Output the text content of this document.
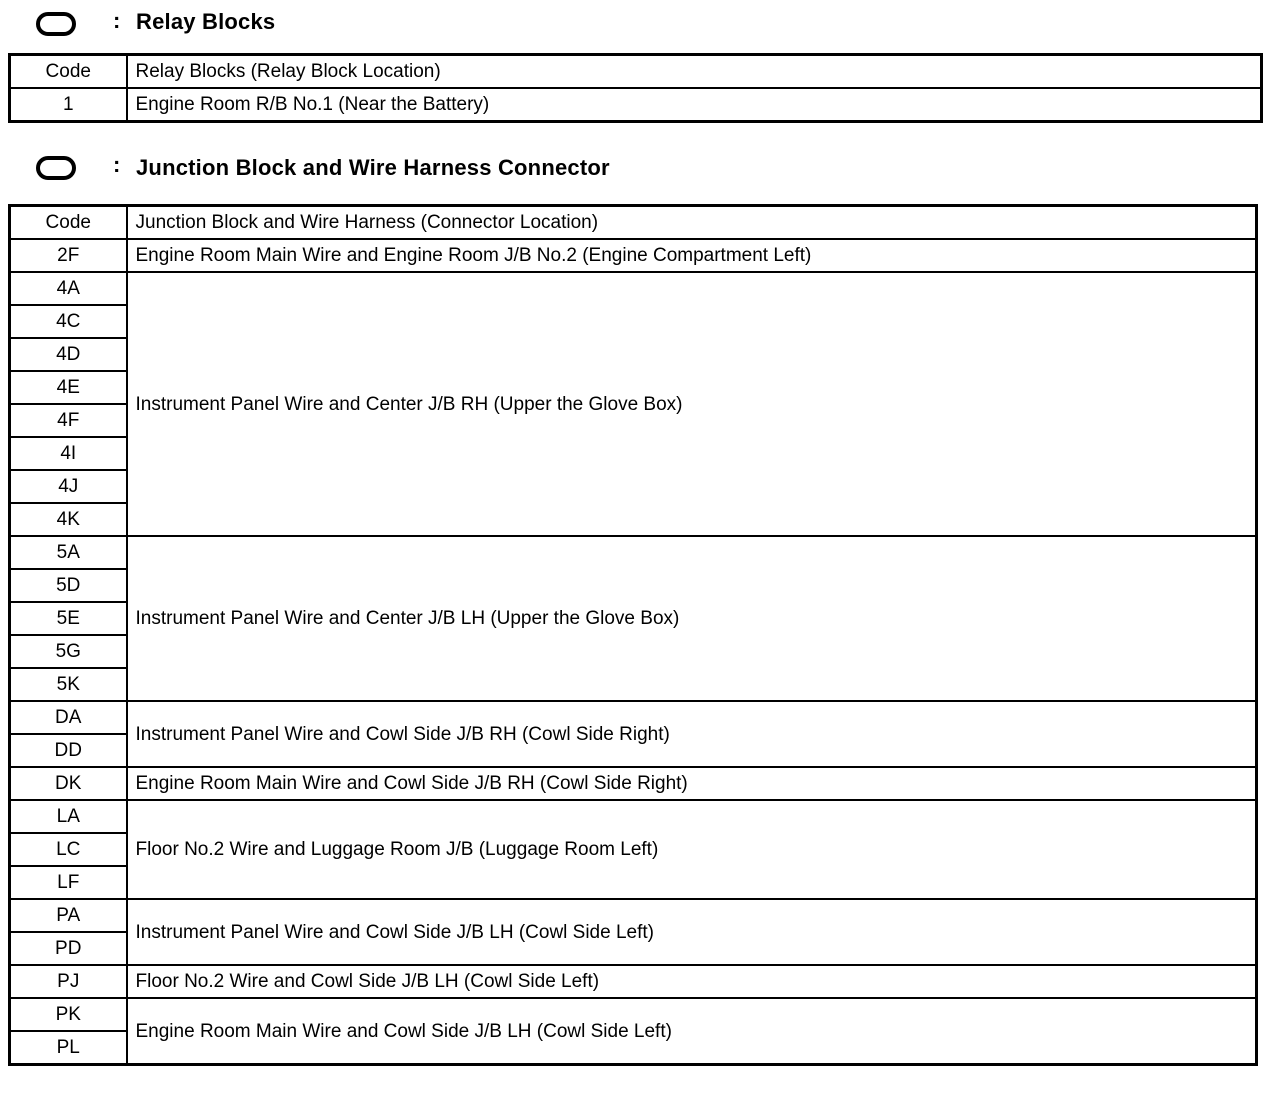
: Relay Blocks
Code	Relay Blocks (Relay Block Location)
1	Engine Room R/B No.1 (Near the Battery)
: Junction Block and Wire Harness Connector
Code	Junction Block and Wire Harness (Connector Location)
2F	Engine Room Main Wire and Engine Room J/B No.2 (Engine Compartment Left)
4A	Instrument Panel Wire and Center J/B RH (Upper the Glove Box)
4C	
4D	
4E	
4F	
4I	
4J	
4K	
5A	Instrument Panel Wire and Center J/B LH (Upper the Glove Box)
5D	
5E	
5G	
5K	
DA	Instrument Panel Wire and Cowl Side J/B RH (Cowl Side Right)
DD	
DK	Engine Room Main Wire and Cowl Side J/B RH (Cowl Side Right)
LA	Floor No.2 Wire and Luggage Room J/B (Luggage Room Left)
LC	
LF	
PA	Instrument Panel Wire and Cowl Side J/B LH (Cowl Side Left)
PD	
PJ	Floor No.2 Wire and Cowl Side J/B LH (Cowl Side Left)
PK	Engine Room Main Wire and Cowl Side J/B LH (Cowl Side Left)
PL	
